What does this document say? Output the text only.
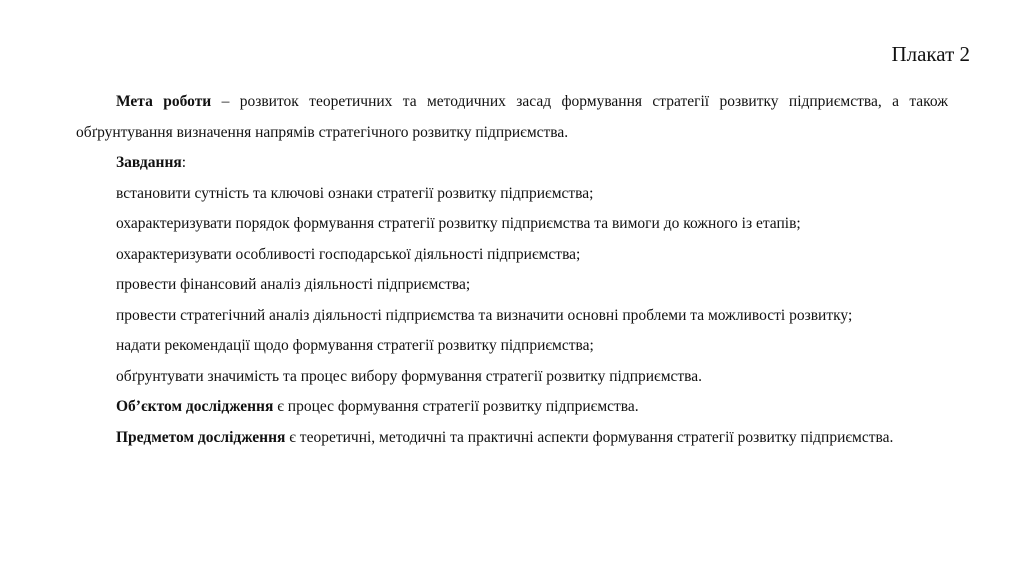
Плакат 2

Мета роботи – розвиток теоретичних та методичних засад формування стратегії розвитку підприємства, а також обґрунтування визначення напрямів стратегічного розвитку підприємства.

Завдання:

встановити сутність та ключові ознаки стратегії розвитку підприємства;

охарактеризувати порядок формування стратегії розвитку підприємства та вимоги до кожного із етапів;

охарактеризувати особливості господарської діяльності підприємства;

провести фінансовий аналіз діяльності підприємства;

провести стратегічний аналіз діяльності підприємства та визначити основні проблеми та можливості розвитку;

надати рекомендації щодо формування стратегії розвитку підприємства;

обґрунтувати значимість та процес вибору формування стратегії розвитку підприємства.

Об’єктом дослідження є процес формування стратегії розвитку підприємства.

Предметом дослідження є теоретичні, методичні та практичні аспекти формування стратегії розвитку підприємства.
